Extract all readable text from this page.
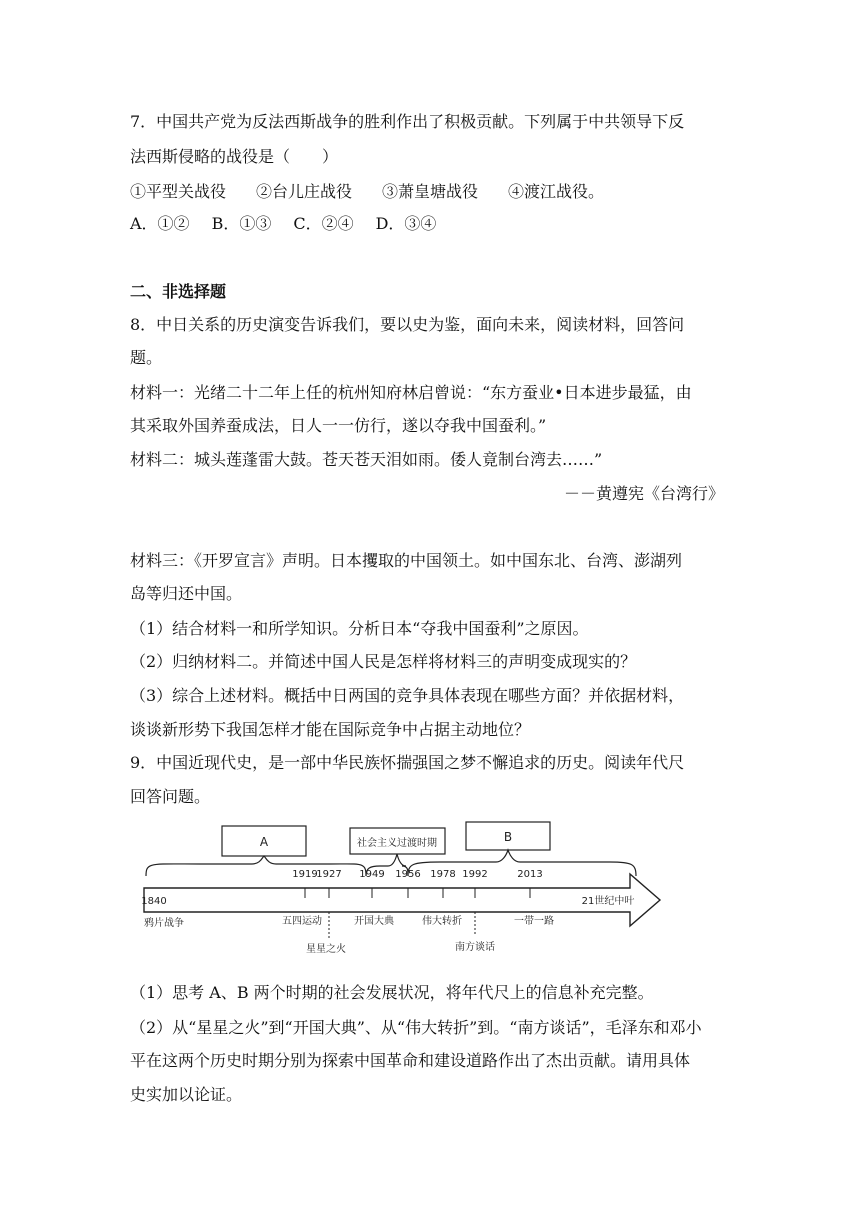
7．中国共产党为反法西斯战争的胜利作出了积极贡献。下列属于中共领导下反
法西斯侵略的战役是（　　）
①平型关战役 ②台儿庄战役 ③萧皇塘战役 ④渡江战役。
A．①② B．①③ C．②④ D．③④
二、非选择题
8．中日关系的历史演变告诉我们，要以史为鉴，面向未来，阅读材料，回答问
题。
材料一：光绪二十二年上任的杭州知府林启曾说：“东方蚕业•日本进步最猛，由
其采取外国养蚕成法，日人一一仿行，遂以夺我中国蚕利。”
材料二：城头莲蓬雷大鼓。苍天苍天泪如雨。倭人竟制台湾去……”
－－黄遵宪《台湾行》
材料三：《开罗宣言》声明。日本攫取的中国领土。如中国东北、台湾、澎湖列
岛等归还中国。
（1）结合材料一和所学知识。分析日本“夺我中国蚕利”之原因。
（2）归纳材料二。并简述中国人民是怎样将材料三的声明变成现实的？
（3）综合上述材料。概括中日两国的竞争具体表现在哪些方面？并依据材料，
谈谈新形势下我国怎样才能在国际竞争中占据主动地位？
9．中国近现代史，是一部中华民族怀揣强国之梦不懈追求的历史。阅读年代尺
回答问题。
A	社会主义过渡时期	B
1840
1919
1927 1949 1956 1978 1992	2013
21世纪中叶
鸦片战争	五四运动
星星之火
开国大典	伟大转折
南方谈话
一带一路
（1）思考 A、B 两个时期的社会发展状况，将年代尺上的信息补充完整。
（2）从“星星之火”到“开国大典”、从“伟大转折”到。“南方谈话”，毛泽东和邓小
平在这两个历史时期分别为探索中国革命和建设道路作出了杰出贡献。请用具体
史实加以论证。
